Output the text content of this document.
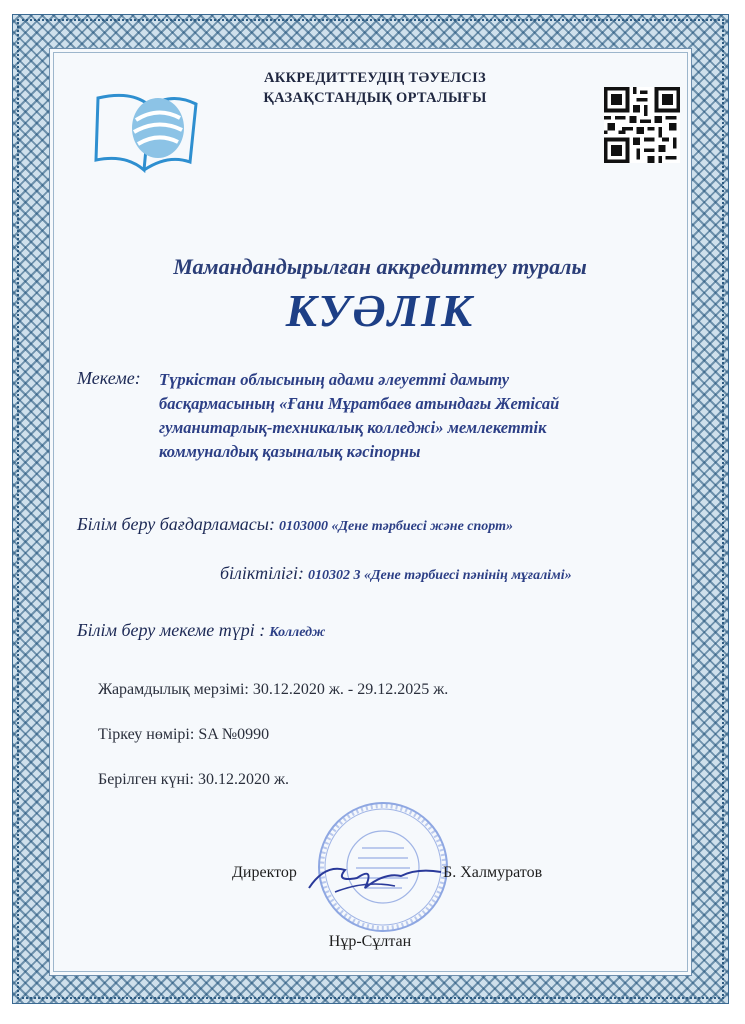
АККРЕДИТТЕУДІҢ ТӘУЕЛСІЗ
ҚАЗАҚСТАНДЫҚ ОРТАЛЫҒЫ
Мамандандырылған аккредиттеу туралы
КУӘЛІК
Мекеме: Түркістан облысының адами әлеуетті дамыту басқармасының «Ғани Мұратбаев атындағы Жетісай гуманитарлық-техникалық колледжі» мемлекеттік коммуналдық қазыналық кәсіпорны
Білім беру бағдарламасы: 0103000 «Дене тәрбиесі және спорт»
біліктілігі: 010302 3 «Дене тәрбиесі пәнінің мұғалімі»
Білім беру мекеме түрі : Колледж
Жарамдылық мерзімі: 30.12.2020 ж. - 29.12.2025 ж.
Тіркеу нөмірі: SA №0990
Берілген күні: 30.12.2020 ж.
Директор	Б. Халмуратов
Нұр-Сұлтан
